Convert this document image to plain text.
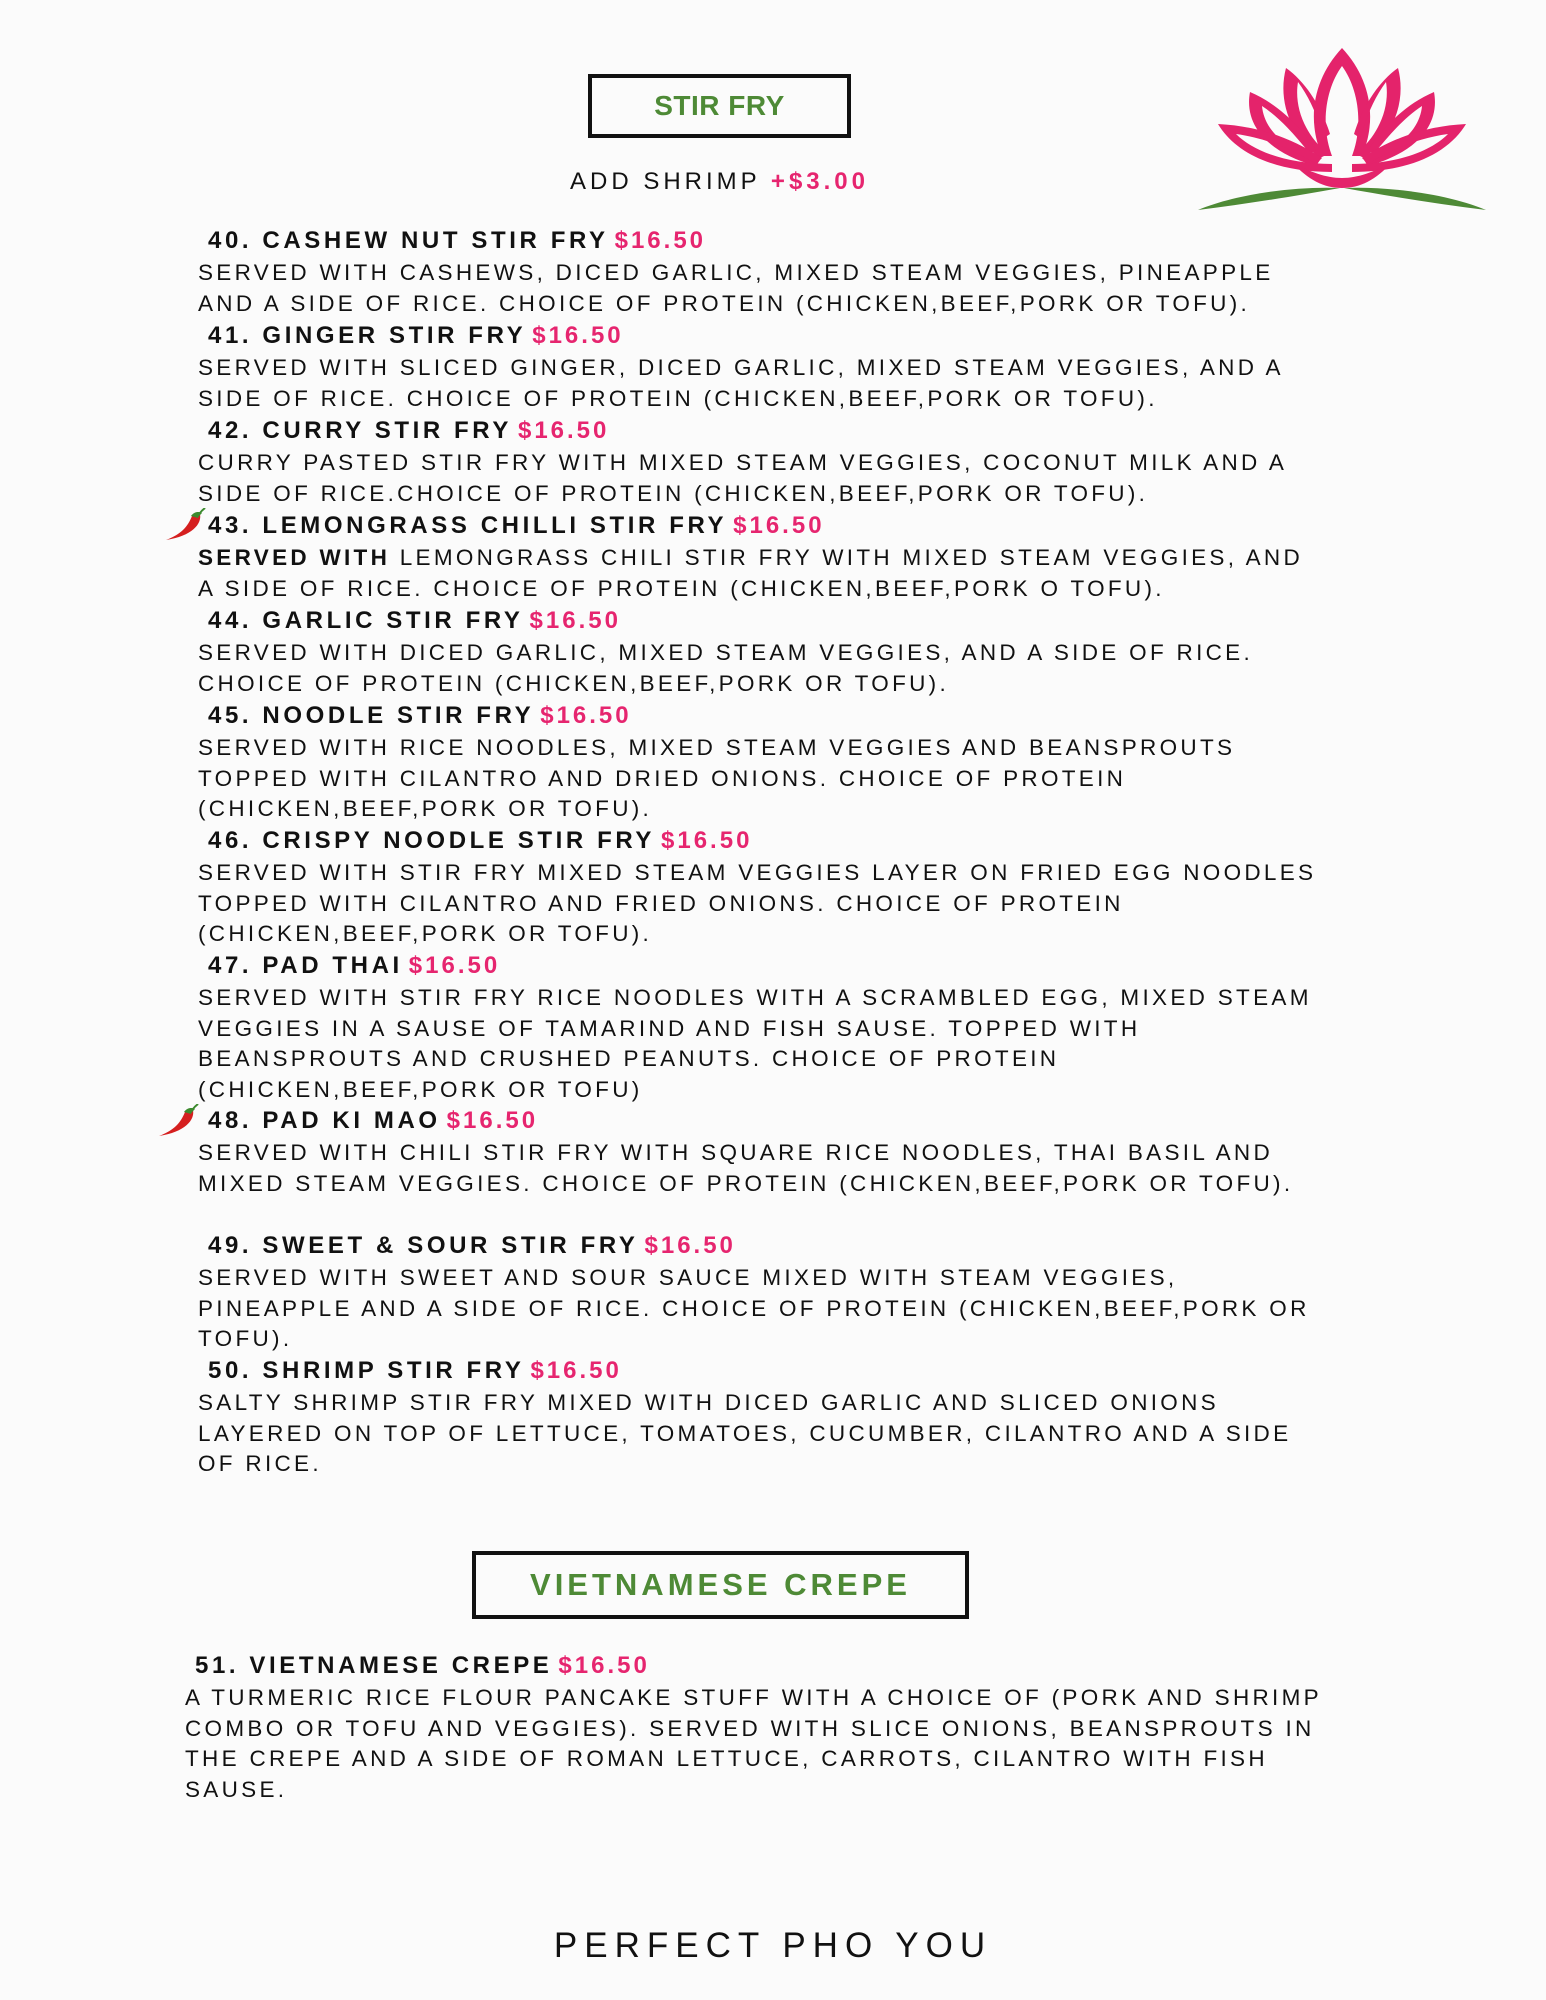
STIR FRY
ADD SHRIMP +$3.00
40. CASHEW NUT STIR FRY $16.50

SERVED WITH CASHEWS, DICED GARLIC, MIXED STEAM VEGGIES, PINEAPPLE AND A SIDE OF RICE. CHOICE OF PROTEIN (CHICKEN,BEEF,PORK OR TOFU).

41. GINGER STIR FRY $16.50

SERVED WITH SLICED GINGER, DICED GARLIC, MIXED STEAM VEGGIES, AND A SIDE OF RICE. CHOICE OF PROTEIN (CHICKEN,BEEF,PORK OR TOFU).

42. CURRY STIR FRY $16.50

CURRY PASTED STIR FRY WITH MIXED STEAM VEGGIES, COCONUT MILK AND A SIDE OF RICE.CHOICE OF PROTEIN (CHICKEN,BEEF,PORK OR TOFU).

43. LEMONGRASS CHILLI STIR FRY $16.50

SERVED WITH LEMONGRASS CHILI STIR FRY WITH MIXED STEAM VEGGIES, AND A SIDE OF RICE. CHOICE OF PROTEIN (CHICKEN,BEEF,PORK O TOFU).

44. GARLIC STIR FRY $16.50

SERVED WITH DICED GARLIC, MIXED STEAM VEGGIES, AND A SIDE OF RICE. CHOICE OF PROTEIN (CHICKEN,BEEF,PORK OR TOFU).

45. NOODLE STIR FRY $16.50

SERVED WITH RICE NOODLES, MIXED STEAM VEGGIES AND BEANSPROUTS TOPPED WITH CILANTRO AND DRIED ONIONS. CHOICE OF PROTEIN (CHICKEN,BEEF,PORK OR TOFU).

46. CRISPY NOODLE STIR FRY $16.50

SERVED WITH STIR FRY MIXED STEAM VEGGIES LAYER ON FRIED EGG NOODLES TOPPED WITH CILANTRO AND FRIED ONIONS. CHOICE OF PROTEIN (CHICKEN,BEEF,PORK OR TOFU).

47. PAD THAI $16.50

SERVED WITH STIR FRY RICE NOODLES WITH A SCRAMBLED EGG, MIXED STEAM VEGGIES IN A SAUSE OF TAMARIND AND FISH SAUSE. TOPPED WITH BEANSPROUTS AND CRUSHED PEANUTS. CHOICE OF PROTEIN (CHICKEN,BEEF,PORK OR TOFU)

48. PAD KI MAO $16.50

SERVED WITH CHILI STIR FRY WITH SQUARE RICE NOODLES, THAI BASIL AND MIXED STEAM VEGGIES. CHOICE OF PROTEIN (CHICKEN,BEEF,PORK OR TOFU).

49. SWEET & SOUR STIR FRY $16.50

SERVED WITH SWEET AND SOUR SAUCE MIXED WITH STEAM VEGGIES, PINEAPPLE AND A SIDE OF RICE. CHOICE OF PROTEIN (CHICKEN,BEEF,PORK OR TOFU).

50. SHRIMP STIR FRY $16.50

SALTY SHRIMP STIR FRY MIXED WITH DICED GARLIC AND SLICED ONIONS LAYERED ON TOP OF LETTUCE, TOMATOES, CUCUMBER, CILANTRO AND A SIDE OF RICE.

VIETNAMESE CREPE
51. VIETNAMESE CREPE $16.50

A TURMERIC RICE FLOUR PANCAKE STUFF WITH A CHOICE OF (PORK AND SHRIMP COMBO OR TOFU AND VEGGIES). SERVED WITH SLICE ONIONS, BEANSPROUTS IN THE CREPE AND A SIDE OF ROMAN LETTUCE, CARROTS, CILANTRO WITH FISH SAUSE.

PERFECT PHO YOU
